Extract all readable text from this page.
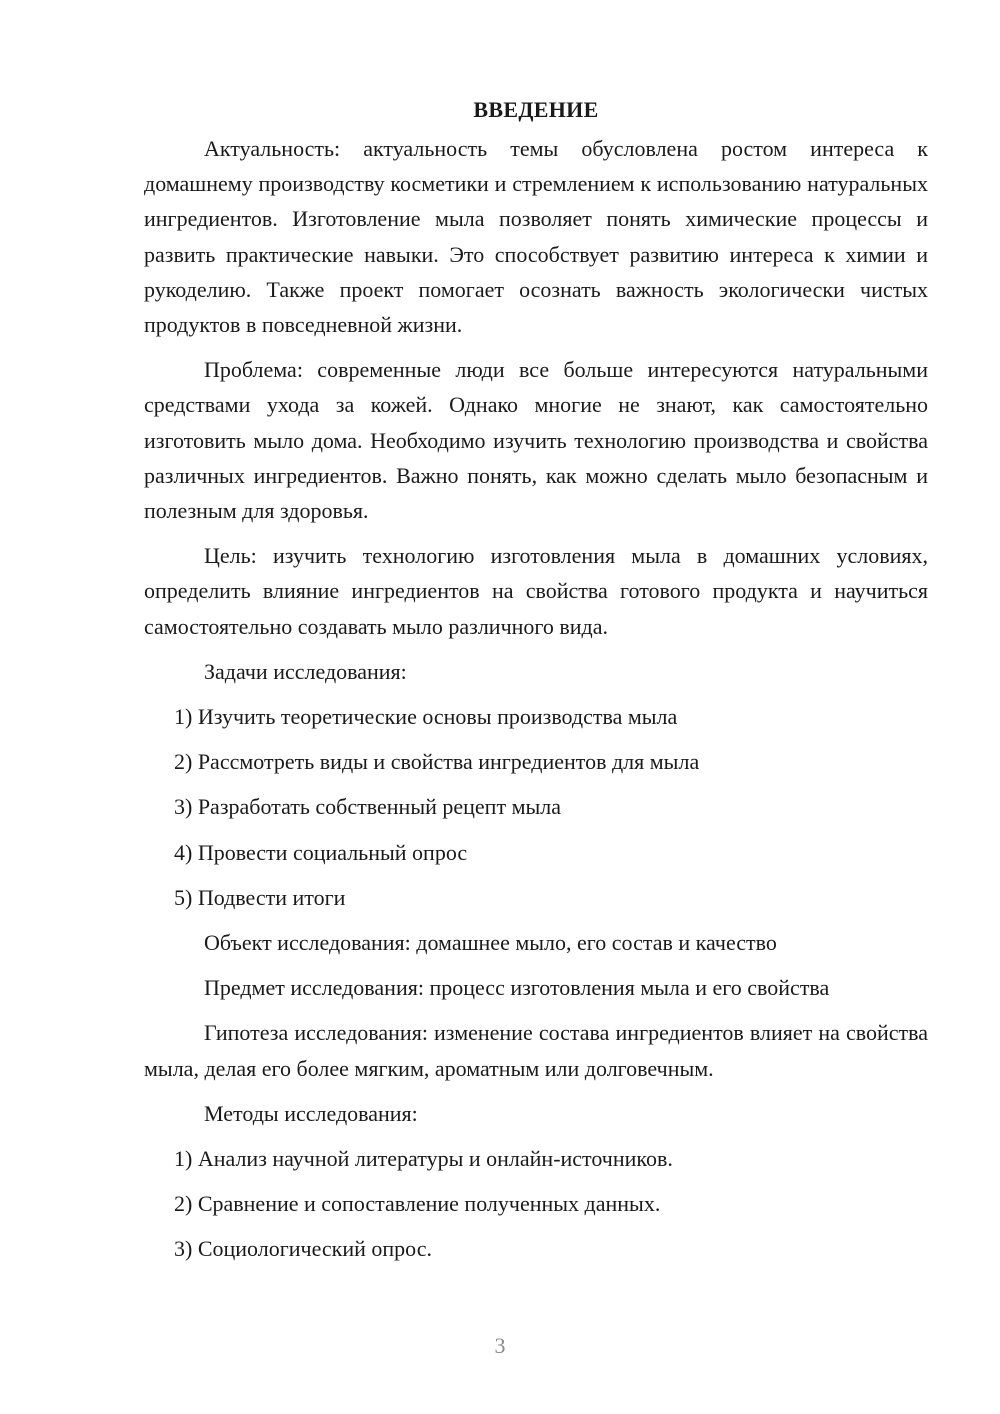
ВВЕДЕНИЕ

Актуальность: актуальность темы обусловлена ростом интереса к домашнему производству косметики и стремлением к использованию натуральных ингредиентов. Изготовление мыла позволяет понять химические процессы и развить практические навыки. Это способствует развитию интереса к химии и рукоделию. Также проект помогает осознать важность экологически чистых продуктов в повседневной жизни.

Проблема: современные люди все больше интересуются натуральными средствами ухода за кожей. Однако многие не знают, как самостоятельно изготовить мыло дома. Необходимо изучить технологию производства и свойства различных ингредиентов. Важно понять, как можно сделать мыло безопасным и полезным для здоровья.

Цель: изучить технологию изготовления мыла в домашних условиях, определить влияние ингредиентов на свойства готового продукта и научиться самостоятельно создавать мыло различного вида.

Задачи исследования:
1) Изучить теоретические основы производства мыла
2) Рассмотреть виды и свойства ингредиентов для мыла
3) Разработать собственный рецепт мыла
4) Провести социальный опрос
5) Подвести итоги
Объект исследования: домашнее мыло, его состав и качество
Предмет исследования: процесс изготовления мыла и его свойства

Гипотеза исследования: изменение состава ингредиентов влияет на свойства мыла, делая его более мягким, ароматным или долговечным.

Методы исследования:
1) Анализ научной литературы и онлайн-источников.
2) Сравнение и сопоставление полученных данных.
3) Социологический опрос.
3
